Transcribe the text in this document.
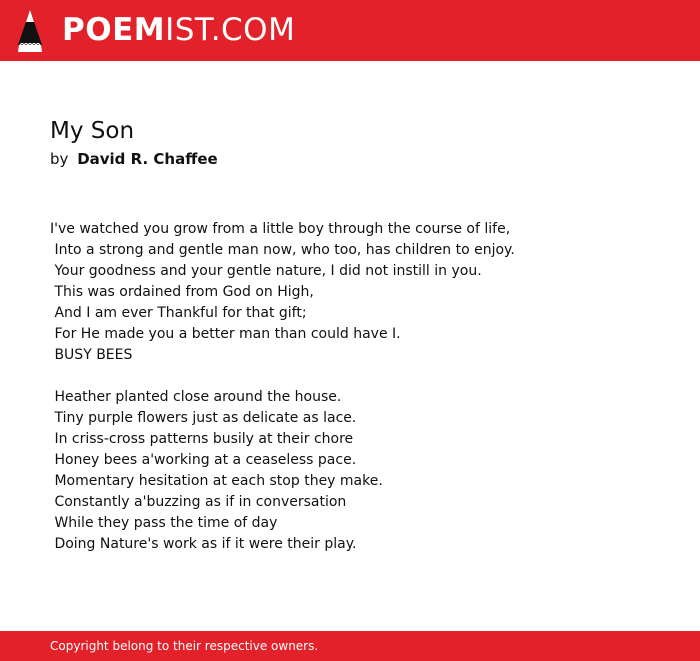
POEMIST.COM
My Son
by David R. Chaffee
I've watched you grow from a little boy through the course of life,
Into a strong and gentle man now, who too, has children to enjoy.
Your goodness and your gentle nature, I did not instill in you.
This was ordained from God on High,
And I am ever Thankful for that gift;
For He made you a better man than could have I.
BUSY BEES
Heather planted close around the house.
Tiny purple flowers just as delicate as lace.
In criss-cross patterns busily at their chore
Honey bees a'working at a ceaseless pace.
Momentary hesitation at each stop they make.
Constantly a'buzzing as if in conversation
While they pass the time of day
Doing Nature's work as if it were their play.
Copyright belong to their respective owners.
